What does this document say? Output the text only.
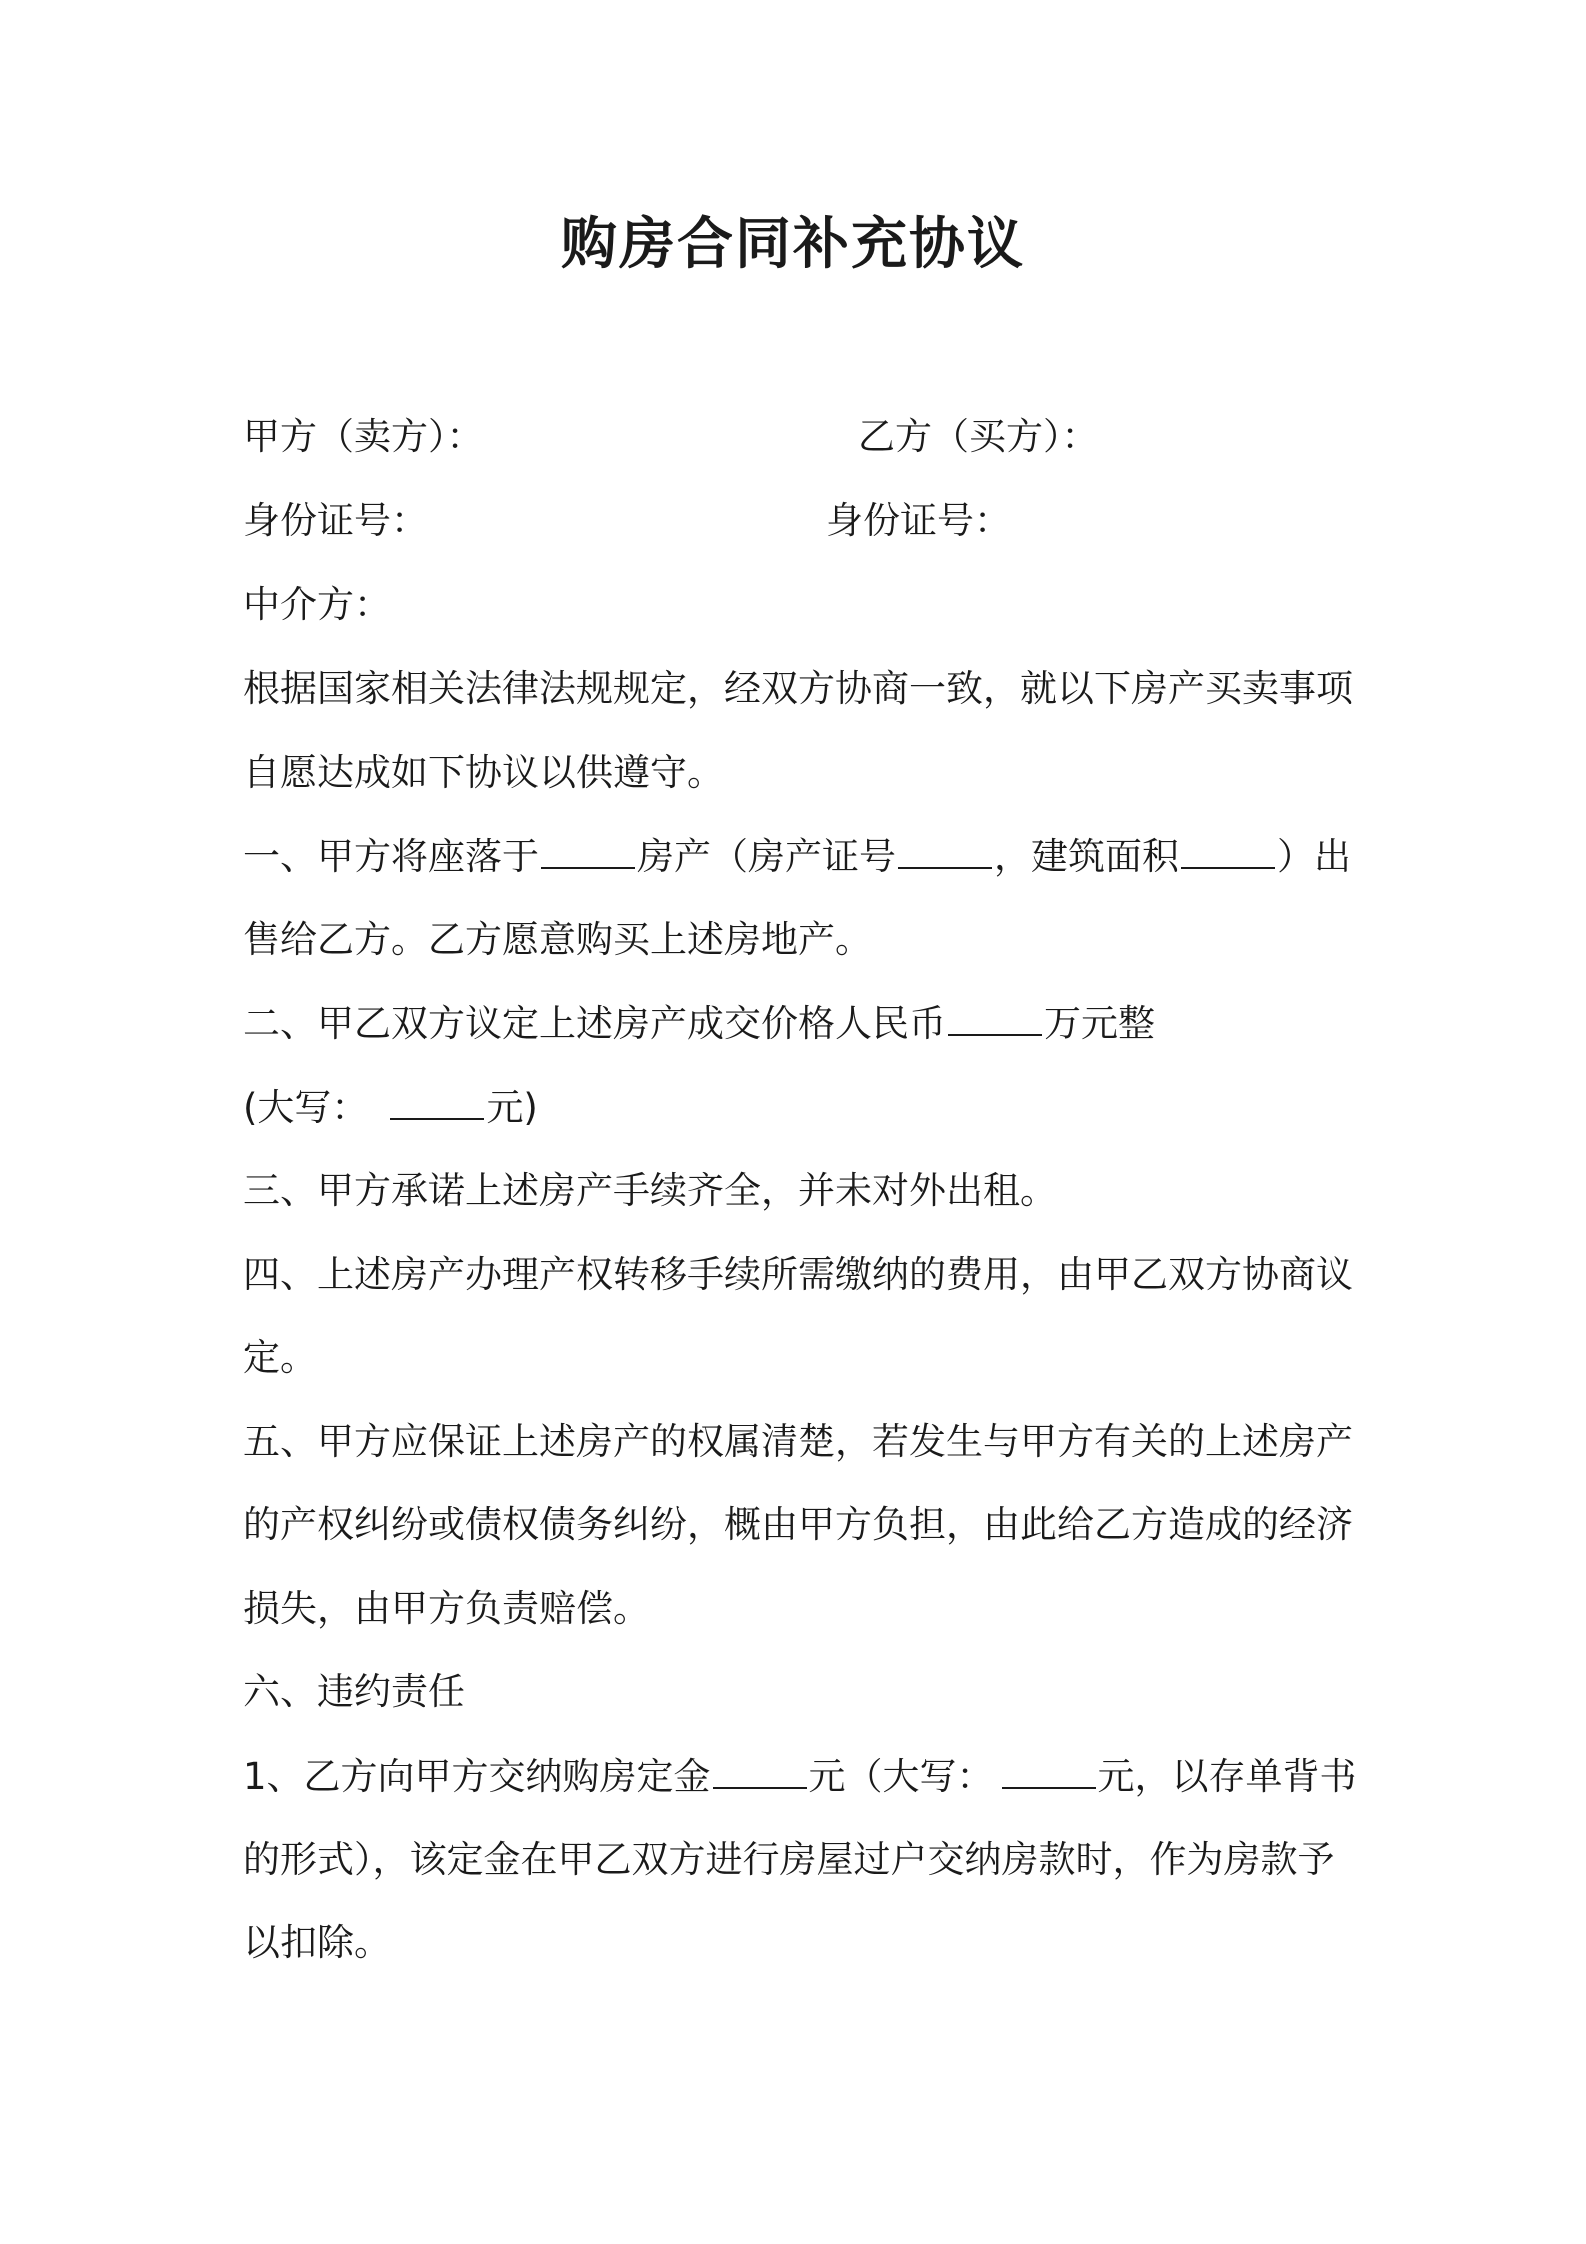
购房合同补充协议
甲方（卖方）：	乙方（买方）：
身份证号：	身份证号：
中介方：
根据国家相关法律法规规定，经双方协商一致，就以下房产买卖事项
自愿达成如下协议以供遵守。
一、甲方将座落于	房产（房产证号	，建筑面积	）出
售给乙方。乙方愿意购买上述房地产。
二、甲乙双方议定上述房产成交价格人民币	万元整
(大写：	元)
三、甲方承诺上述房产手续齐全，并未对外出租。
四、上述房产办理产权转移手续所需缴纳的费用，由甲乙双方协商议
定。
五、甲方应保证上述房产的权属清楚，若发生与甲方有关的上述房产
的产权纠纷或债权债务纠纷，概由甲方负担，由此给乙方造成的经济
损失，由甲方负责赔偿。
六、违约责任
1、乙方向甲方交纳购房定金	元（大写：	元，以存单背书
的形式），该定金在甲乙双方进行房屋过户交纳房款时，作为房款予
以扣除。
